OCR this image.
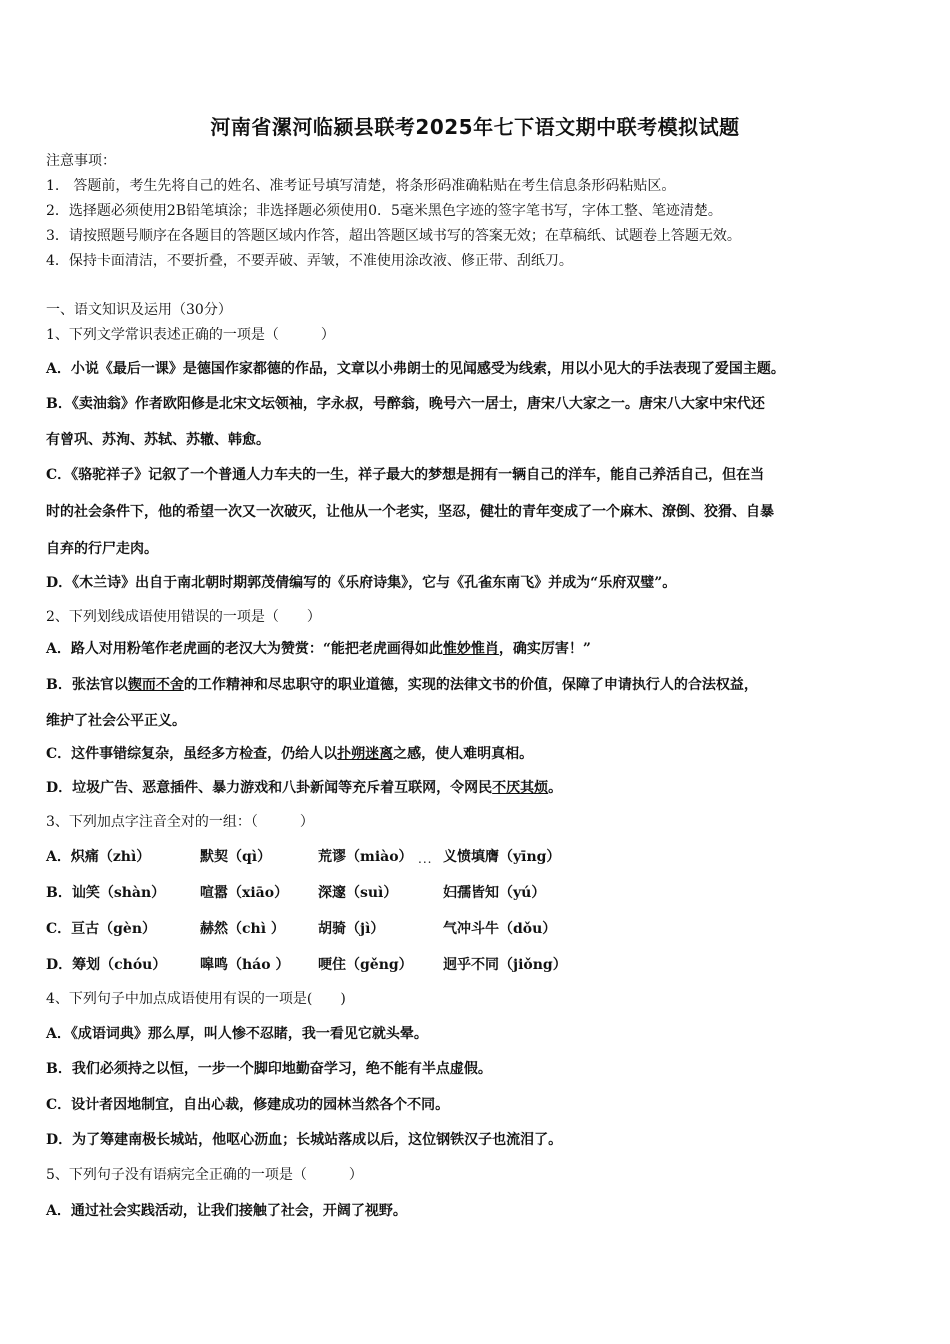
河南省漯河临颍县联考2025年七下语文期中联考模拟试题
注意事项：
1.　答题前，考生先将自己的姓名、准考证号填写清楚，将条形码准确粘贴在考生信息条形码粘贴区。
2．选择题必须使用2B铅笔填涂；非选择题必须使用0．5毫米黑色字迹的签字笔书写，字体工整、笔迹清楚。
3．请按照题号顺序在各题目的答题区域内作答，超出答题区域书写的答案无效；在草稿纸、试题卷上答题无效。
4．保持卡面清洁，不要折叠，不要弄破、弄皱，不准使用涂改液、修正带、刮纸刀。
一、语文知识及运用（30分）
1、下列文学常识表述正确的一项是（　　　）
A．小说《最后一课》是德国作家都德的作品，文章以小弗朗士的见闻感受为线索，用以小见大的手法表现了爱国主题。
B．《卖油翁》作者欧阳修是北宋文坛领袖，字永叔，号醉翁，晚号六一居士，唐宋八大家之一。唐宋八大家中宋代还
有曾巩、苏洵、苏轼、苏辙、韩愈。
C．《骆驼祥子》记叙了一个普通人力车夫的一生，祥子最大的梦想是拥有一辆自己的洋车，能自己养活自己，但在当
时的社会条件下，他的希望一次又一次破灭，让他从一个老实，坚忍，健壮的青年变成了一个麻木、潦倒、狡猾、自暴
自弃的行尸走肉。
D．《木兰诗》出自于南北朝时期郭茂倩编写的《乐府诗集》，它与《孔雀东南飞》并成为“乐府双璧”。
2、下列划线成语使用错误的一项是（　　）
A．路人对用粉笔作老虎画的老汉大为赞赏：“能把老虎画得如此惟妙惟肖，确实厉害！”
B．张法官以锲而不舍的工作精神和尽忠职守的职业道德，实现的法律文书的价值，保障了申请执行人的合法权益，
维护了社会公平正义。
C．这件事错综复杂，虽经多方检查，仍给人以扑朔迷离之感，使人难明真相。
D．垃圾广告、恶意插件、暴力游戏和八卦新闻等充斥着互联网，令网民不厌其烦。
3、下列加点字注音全对的一组：（　　　）
...
A．炽痛（zhì）	默契（qì）	荒谬（miào） 义愤填膺（yīng）
B．讪笑（shàn） 喧嚣（xiāo） 深邃（suì）	妇孺皆知（yú）
C．亘古（gèn）	赫然（chì ） 胡骑（jì）	气冲斗牛（dǒu）
D．筹划（chóu） 嗥鸣（háo ） 哽住（gěng） 迥乎不同（jiǒng）
4、下列句子中加点成语使用有误的一项是(　　)
A．《成语词典》那么厚，叫人惨不忍睹，我一看见它就头晕。
B．我们必须持之以恒，一步一个脚印地勤奋学习，绝不能有半点虚假。
C．设计者因地制宜，自出心裁，修建成功的园林当然各个不同。
D．为了筹建南极长城站，他呕心沥血；长城站落成以后，这位钢铁汉子也流泪了。
5、下列句子没有语病完全正确的一项是（　　　）
A．通过社会实践活动，让我们接触了社会，开阔了视野。
